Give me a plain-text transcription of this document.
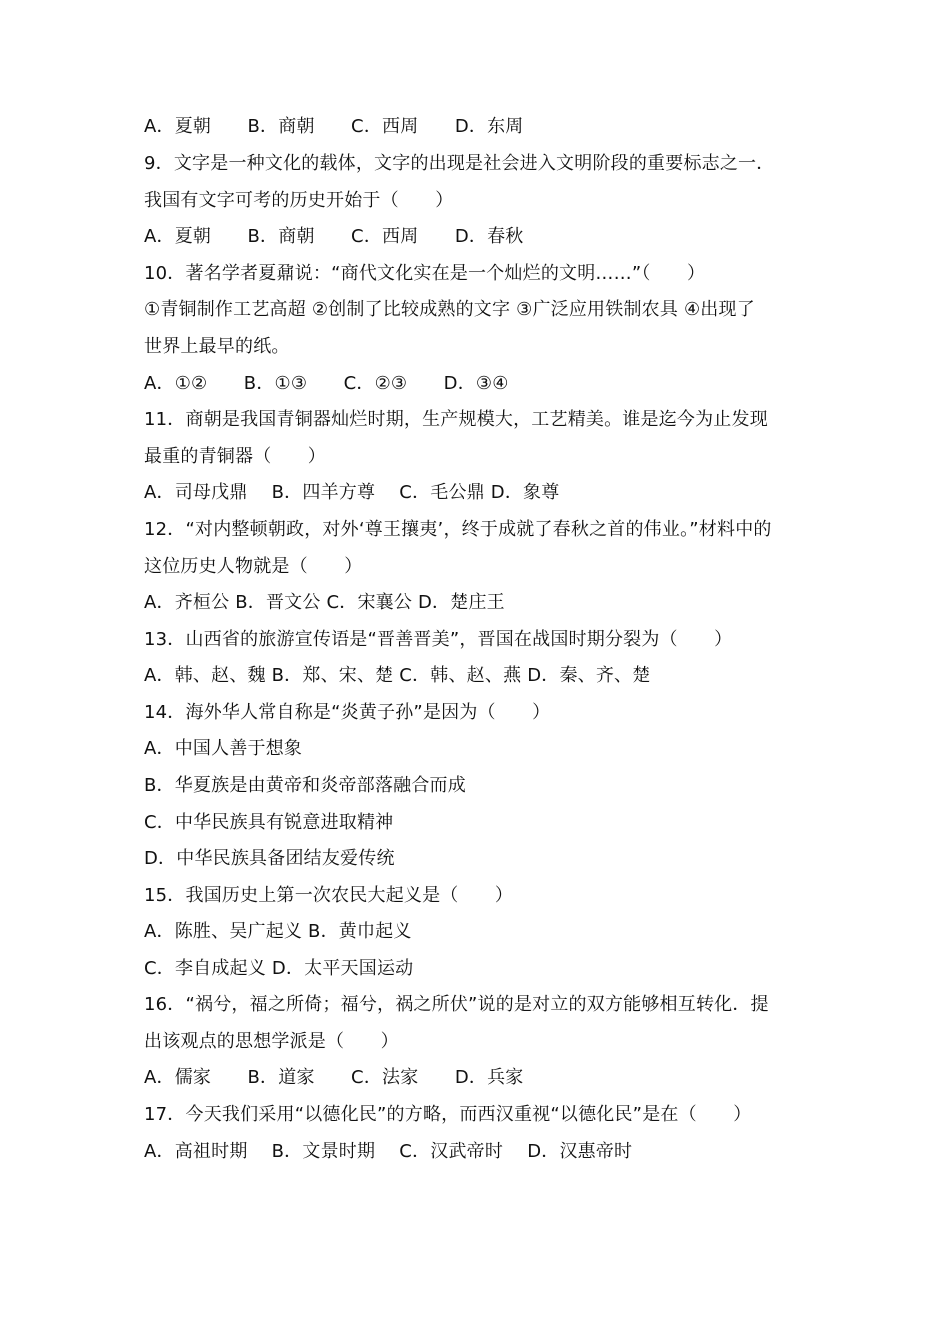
A．夏朝　　B．商朝　　C．西周　　D．东周
9．文字是一种文化的载体，文字的出现是社会进入文明阶段的重要标志之一．
我国有文字可考的历史开始于（　　）
A．夏朝　　B．商朝　　C．西周　　D．春秋
10．著名学者夏鼐说：“商代文化实在是一个灿烂的文明……”（　　）
①青铜制作工艺高超 ②创制了比较成熟的文字 ③广泛应用铁制农具 ④出现了
世界上最早的纸。
A．①②　　B．①③　　C．②③　　D．③④
11．商朝是我国青铜器灿烂时期，生产规模大，工艺精美。谁是迄今为止发现
最重的青铜器（　　）
A．司母戊鼎　 B．四羊方尊　 C．毛公鼎 D．象尊
12．“对内整顿朝政，对外‘尊王攘夷’，终于成就了春秋之首的伟业。”材料中的
这位历史人物就是（　　）
A．齐桓公 B．晋文公 C．宋襄公 D．楚庄王
13．山西省的旅游宣传语是“晋善晋美”，晋国在战国时期分裂为（　　）
A．韩、赵、魏 B．郑、宋、楚 C．韩、赵、燕 D．秦、齐、楚
14．海外华人常自称是“炎黄子孙”是因为（　　）
A．中国人善于想象
B．华夏族是由黄帝和炎帝部落融合而成
C．中华民族具有锐意进取精神
D．中华民族具备团结友爱传统
15．我国历史上第一次农民大起义是（　　）
A．陈胜、吴广起义 B．黄巾起义
C．李自成起义 D．太平天国运动
16．“祸兮，福之所倚；福兮，祸之所伏”说的是对立的双方能够相互转化．提
出该观点的思想学派是（　　）
A．儒家　　B．道家　　C．法家　　D．兵家
17．今天我们采用“以德化民”的方略，而西汉重视“以德化民”是在（　　）
A．高祖时期　 B．文景时期　 C．汉武帝时　 D．汉惠帝时
